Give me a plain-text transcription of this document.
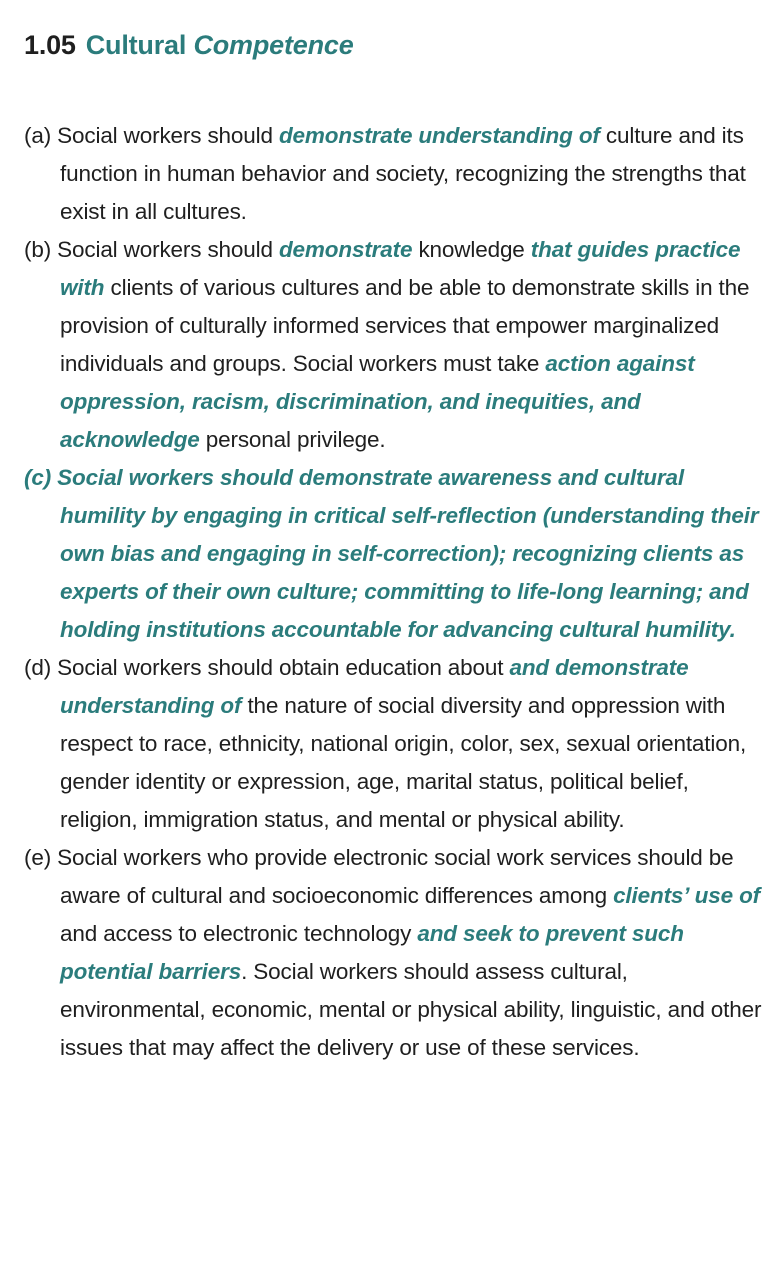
1.05 Cultural Competence
(a) Social workers should demonstrate understanding of culture and its function in human behavior and society, recognizing the strengths that exist in all cultures.
(b) Social workers should demonstrate knowledge that guides practice with clients of various cultures and be able to demonstrate skills in the provision of culturally informed services that empower marginalized individuals and groups. Social workers must take action against oppression, racism, discrimination, and inequities, and acknowledge personal privilege.
(c) Social workers should demonstrate awareness and cultural humility by engaging in critical self-reflection (understanding their own bias and engaging in self-correction); recognizing clients as experts of their own culture; committing to life-long learning; and holding institutions accountable for advancing cultural humility.
(d) Social workers should obtain education about and demonstrate understanding of the nature of social diversity and oppression with respect to race, ethnicity, national origin, color, sex, sexual orientation, gender identity or expression, age, marital status, political belief, religion, immigration status, and mental or physical ability.
(e) Social workers who provide electronic social work services should be aware of cultural and socioeconomic differences among clients’ use of and access to electronic technology and seek to prevent such potential barriers. Social workers should assess cultural, environmental, economic, mental or physical ability, linguistic, and other issues that may affect the delivery or use of these services.
